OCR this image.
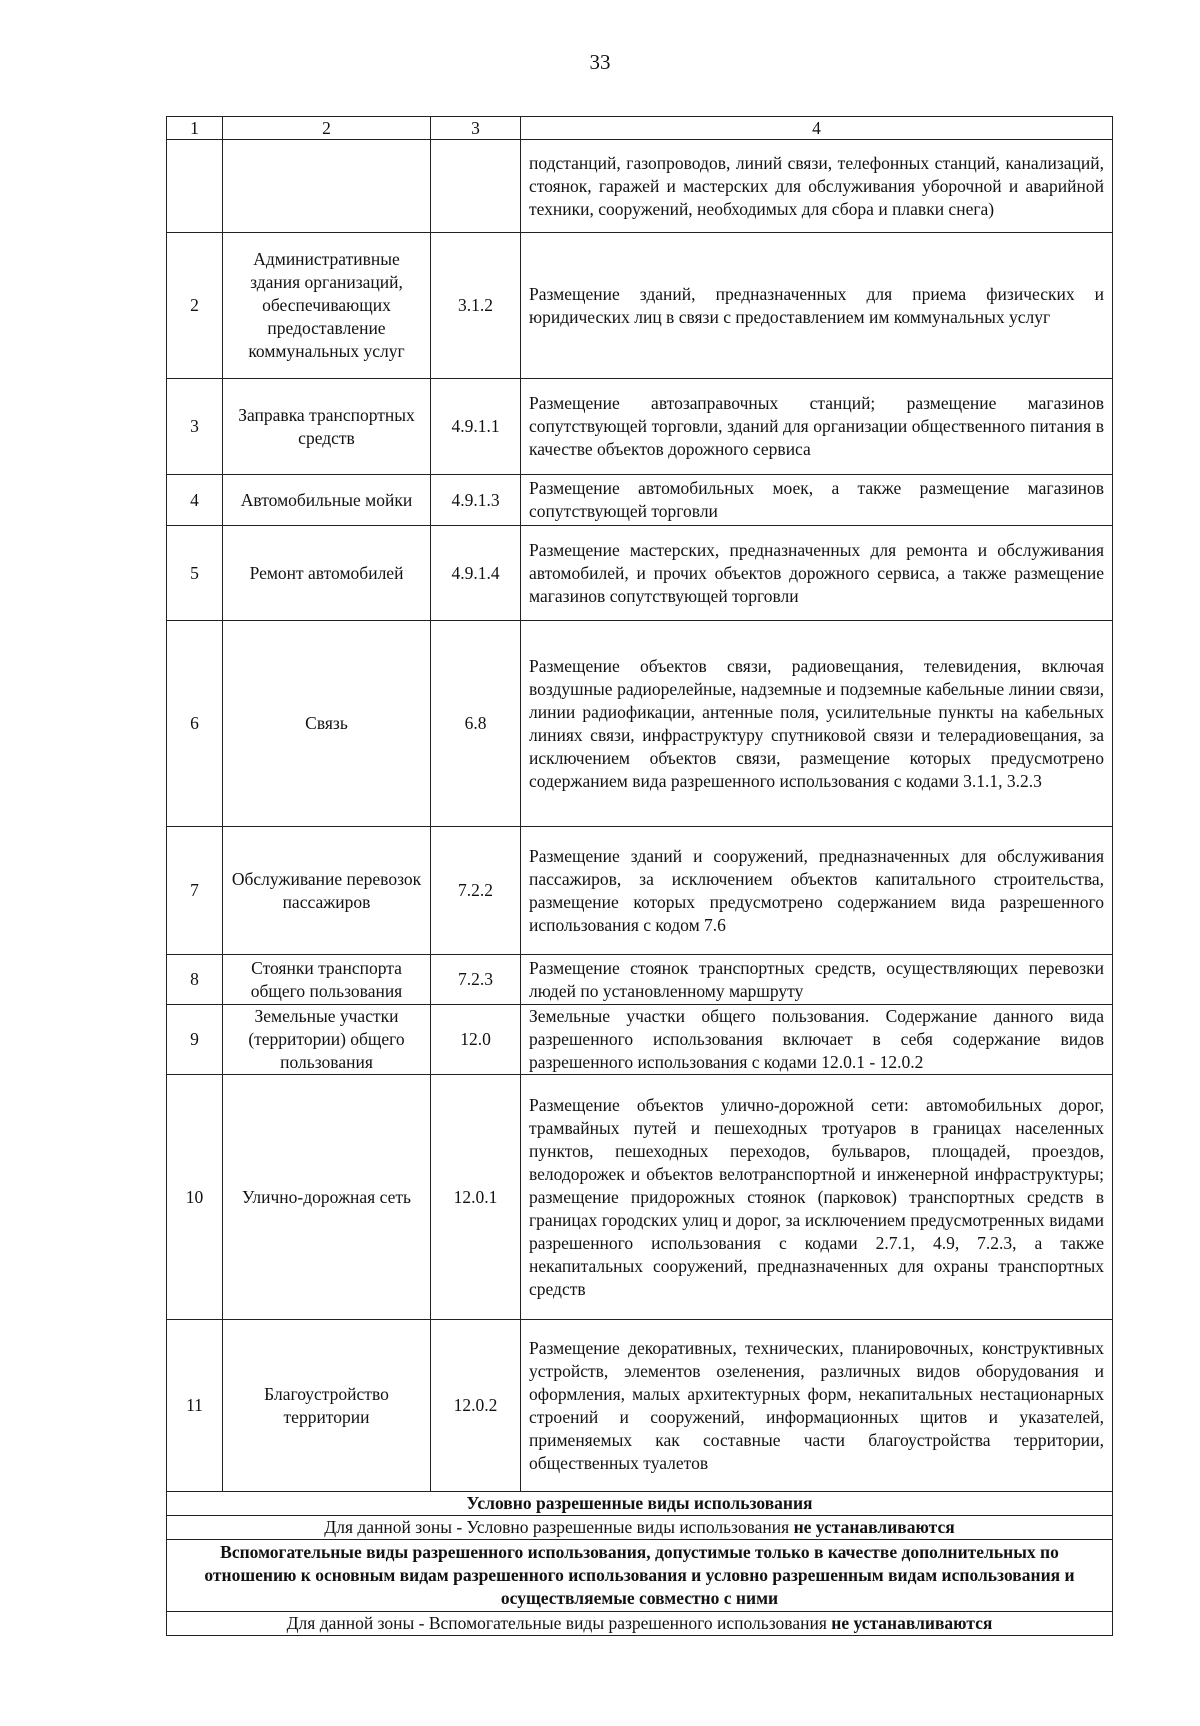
33
1	2	3	4
			подстанций, газопроводов, линий связи, телефонных станций, канализаций, стоянок, гаражей и мастерских для обслуживания уборочной и аварийной техники, сооружений, необходимых для сбора и плавки снега)
2	Административные здания организаций, обеспечивающих предоставление коммунальных услуг	3.1.2	Размещение зданий, предназначенных для приема физических и юридических лиц в связи с предоставлением им коммунальных услуг
3	Заправка транспортных средств	4.9.1.1	Размещение автозаправочных станций; размещение магазинов сопутствующей торговли, зданий для организации общественного питания в качестве объектов дорожного сервиса
4	Автомобильные мойки	4.9.1.3	Размещение автомобильных моек, а также размещение магазинов сопутствующей торговли
5	Ремонт автомобилей	4.9.1.4	Размещение мастерских, предназначенных для ремонта и обслуживания автомобилей, и прочих объектов дорожного сервиса, а также размещение магазинов сопутствующей торговли
6	Связь	6.8	Размещение объектов связи, радиовещания, телевидения, включая воздушные радиорелейные, надземные и подземные кабельные линии связи, линии радиофикации, антенные поля, усилительные пункты на кабельных линиях связи, инфраструктуру спутниковой связи и телерадиовещания, за исключением объектов связи, размещение которых предусмотрено содержанием вида разрешенного использования с кодами 3.1.1, 3.2.3
7	Обслуживание перевозок пассажиров	7.2.2	Размещение зданий и сооружений, предназначенных для обслуживания пассажиров, за исключением объектов капитального строительства, размещение которых предусмотрено содержанием вида разрешенного использования с кодом 7.6
8	Стоянки транспорта общего пользования	7.2.3	Размещение стоянок транспортных средств, осуществляющих перевозки людей по установленному маршруту
9	Земельные участки (территории) общего пользования	12.0	Земельные участки общего пользования. Содержание данного вида разрешенного использования включает в себя содержание видов разрешенного использования с кодами 12.0.1 - 12.0.2
10	Улично-дорожная сеть	12.0.1	Размещение объектов улично-дорожной сети: автомобильных дорог, трамвайных путей и пешеходных тротуаров в границах населенных пунктов, пешеходных переходов, бульваров, площадей, проездов, велодорожек и объектов велотранспортной и инженерной инфраструктуры; размещение придорожных стоянок (парковок) транспортных средств в границах городских улиц и дорог, за исключением предусмотренных видами разрешенного использования с кодами 2.7.1, 4.9, 7.2.3, а также некапитальных сооружений, предназначенных для охраны транспортных средств
11	Благоустройство территории	12.0.2	Размещение декоративных, технических, планировочных, конструктивных устройств, элементов озеленения, различных видов оборудования и оформления, малых архитектурных форм, некапитальных нестационарных строений и сооружений, информационных щитов и указателей, применяемых как составные части благоустройства территории, общественных туалетов
Условно разрешенные виды использования			
Для данной зоны - Условно разрешенные виды использования не устанавливаются			
Вспомогательные виды разрешенного использования, допустимые только в качестве дополнительных по отношению к основным видам разрешенного использования и условно разрешенным видам использования и осуществляемые совместно с ними			
Для данной зоны - Вспомогательные виды разрешенного использования не устанавливаются			
